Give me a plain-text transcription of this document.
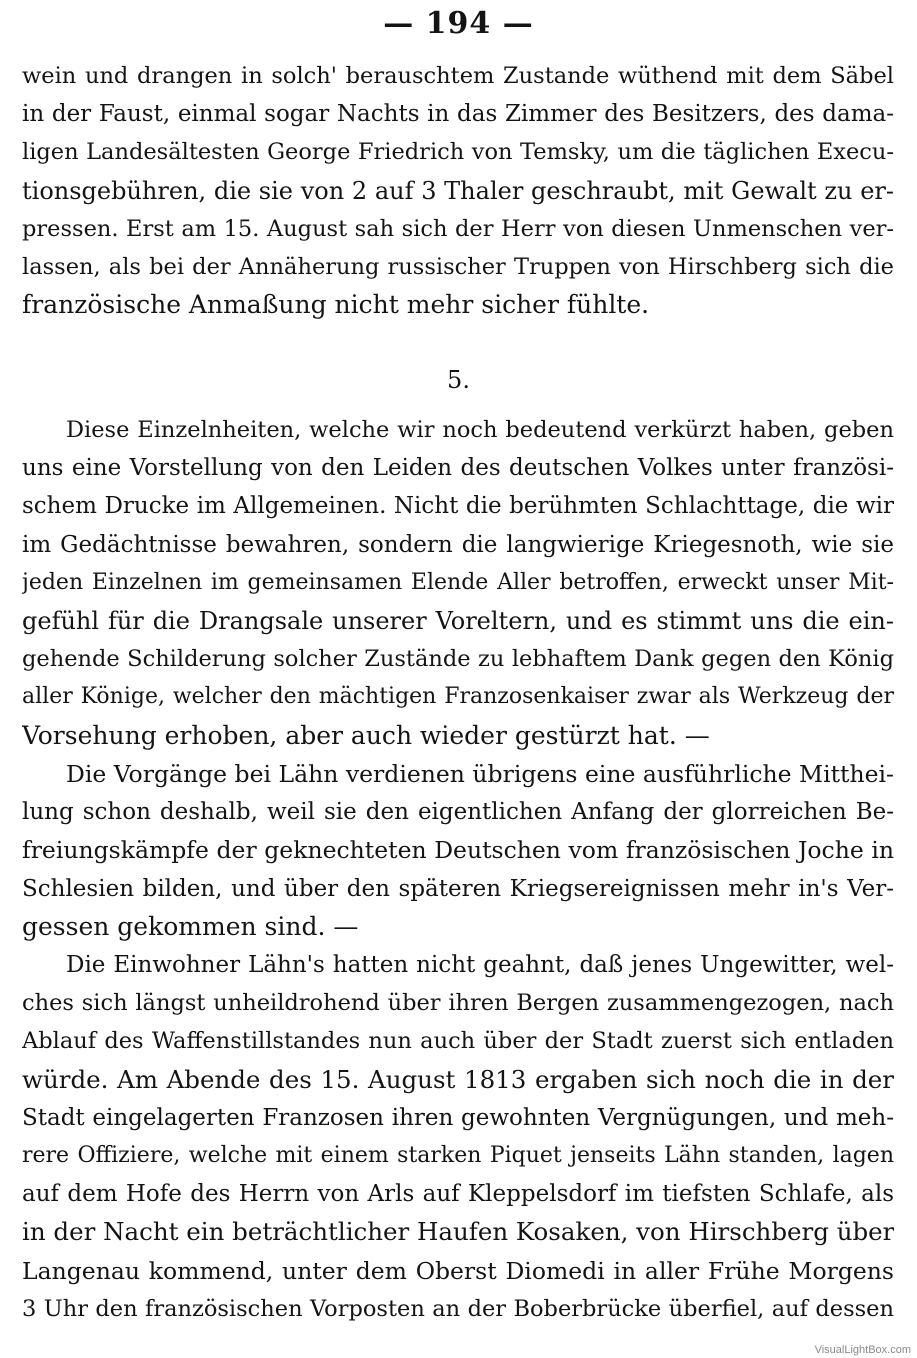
— 194 —
wein und drangen in solch' berauschtem Zustande wüthend mit dem Säbel
in der Faust, einmal sogar Nachts in das Zimmer des Besitzers, des dama-
ligen Landesältesten George Friedrich von Temsky, um die täglichen Execu-
tionsgebühren, die sie von 2 auf 3 Thaler geschraubt, mit Gewalt zu er-
pressen. Erst am 15. August sah sich der Herr von diesen Unmenschen ver-
lassen, als bei der Annäherung russischer Truppen von Hirschberg sich die
französische Anmaßung nicht mehr sicher fühlte.
5.
Diese Einzelnheiten, welche wir noch bedeutend verkürzt haben, geben
uns eine Vorstellung von den Leiden des deutschen Volkes unter französi-
schem Drucke im Allgemeinen. Nicht die berühmten Schlachttage, die wir
im Gedächtnisse bewahren, sondern die langwierige Kriegesnoth, wie sie
jeden Einzelnen im gemeinsamen Elende Aller betroffen, erweckt unser Mit-
gefühl für die Drangsale unserer Voreltern, und es stimmt uns die ein-
gehende Schilderung solcher Zustände zu lebhaftem Dank gegen den König
aller Könige, welcher den mächtigen Franzosenkaiser zwar als Werkzeug der
Vorsehung erhoben, aber auch wieder gestürzt hat. —
Die Vorgänge bei Lähn verdienen übrigens eine ausführliche Mitthei-
lung schon deshalb, weil sie den eigentlichen Anfang der glorreichen Be-
freiungskämpfe der geknechteten Deutschen vom französischen Joche in
Schlesien bilden, und über den späteren Kriegsereignissen mehr in's Ver-
gessen gekommen sind. —
Die Einwohner Lähn's hatten nicht geahnt, daß jenes Ungewitter, wel-
ches sich längst unheildrohend über ihren Bergen zusammengezogen, nach
Ablauf des Waffenstillstandes nun auch über der Stadt zuerst sich entladen
würde. Am Abende des 15. August 1813 ergaben sich noch die in der
Stadt eingelagerten Franzosen ihren gewohnten Vergnügungen, und meh-
rere Offiziere, welche mit einem starken Piquet jenseits Lähn standen, lagen
auf dem Hofe des Herrn von Arls auf Kleppelsdorf im tiefsten Schlafe, als
in der Nacht ein beträchtlicher Haufen Kosaken, von Hirschberg über
Langenau kommend, unter dem Oberst Diomedi in aller Frühe Morgens
3 Uhr den französischen Vorposten an der Boberbrücke überfiel, auf dessen
VisualLightBox.com
